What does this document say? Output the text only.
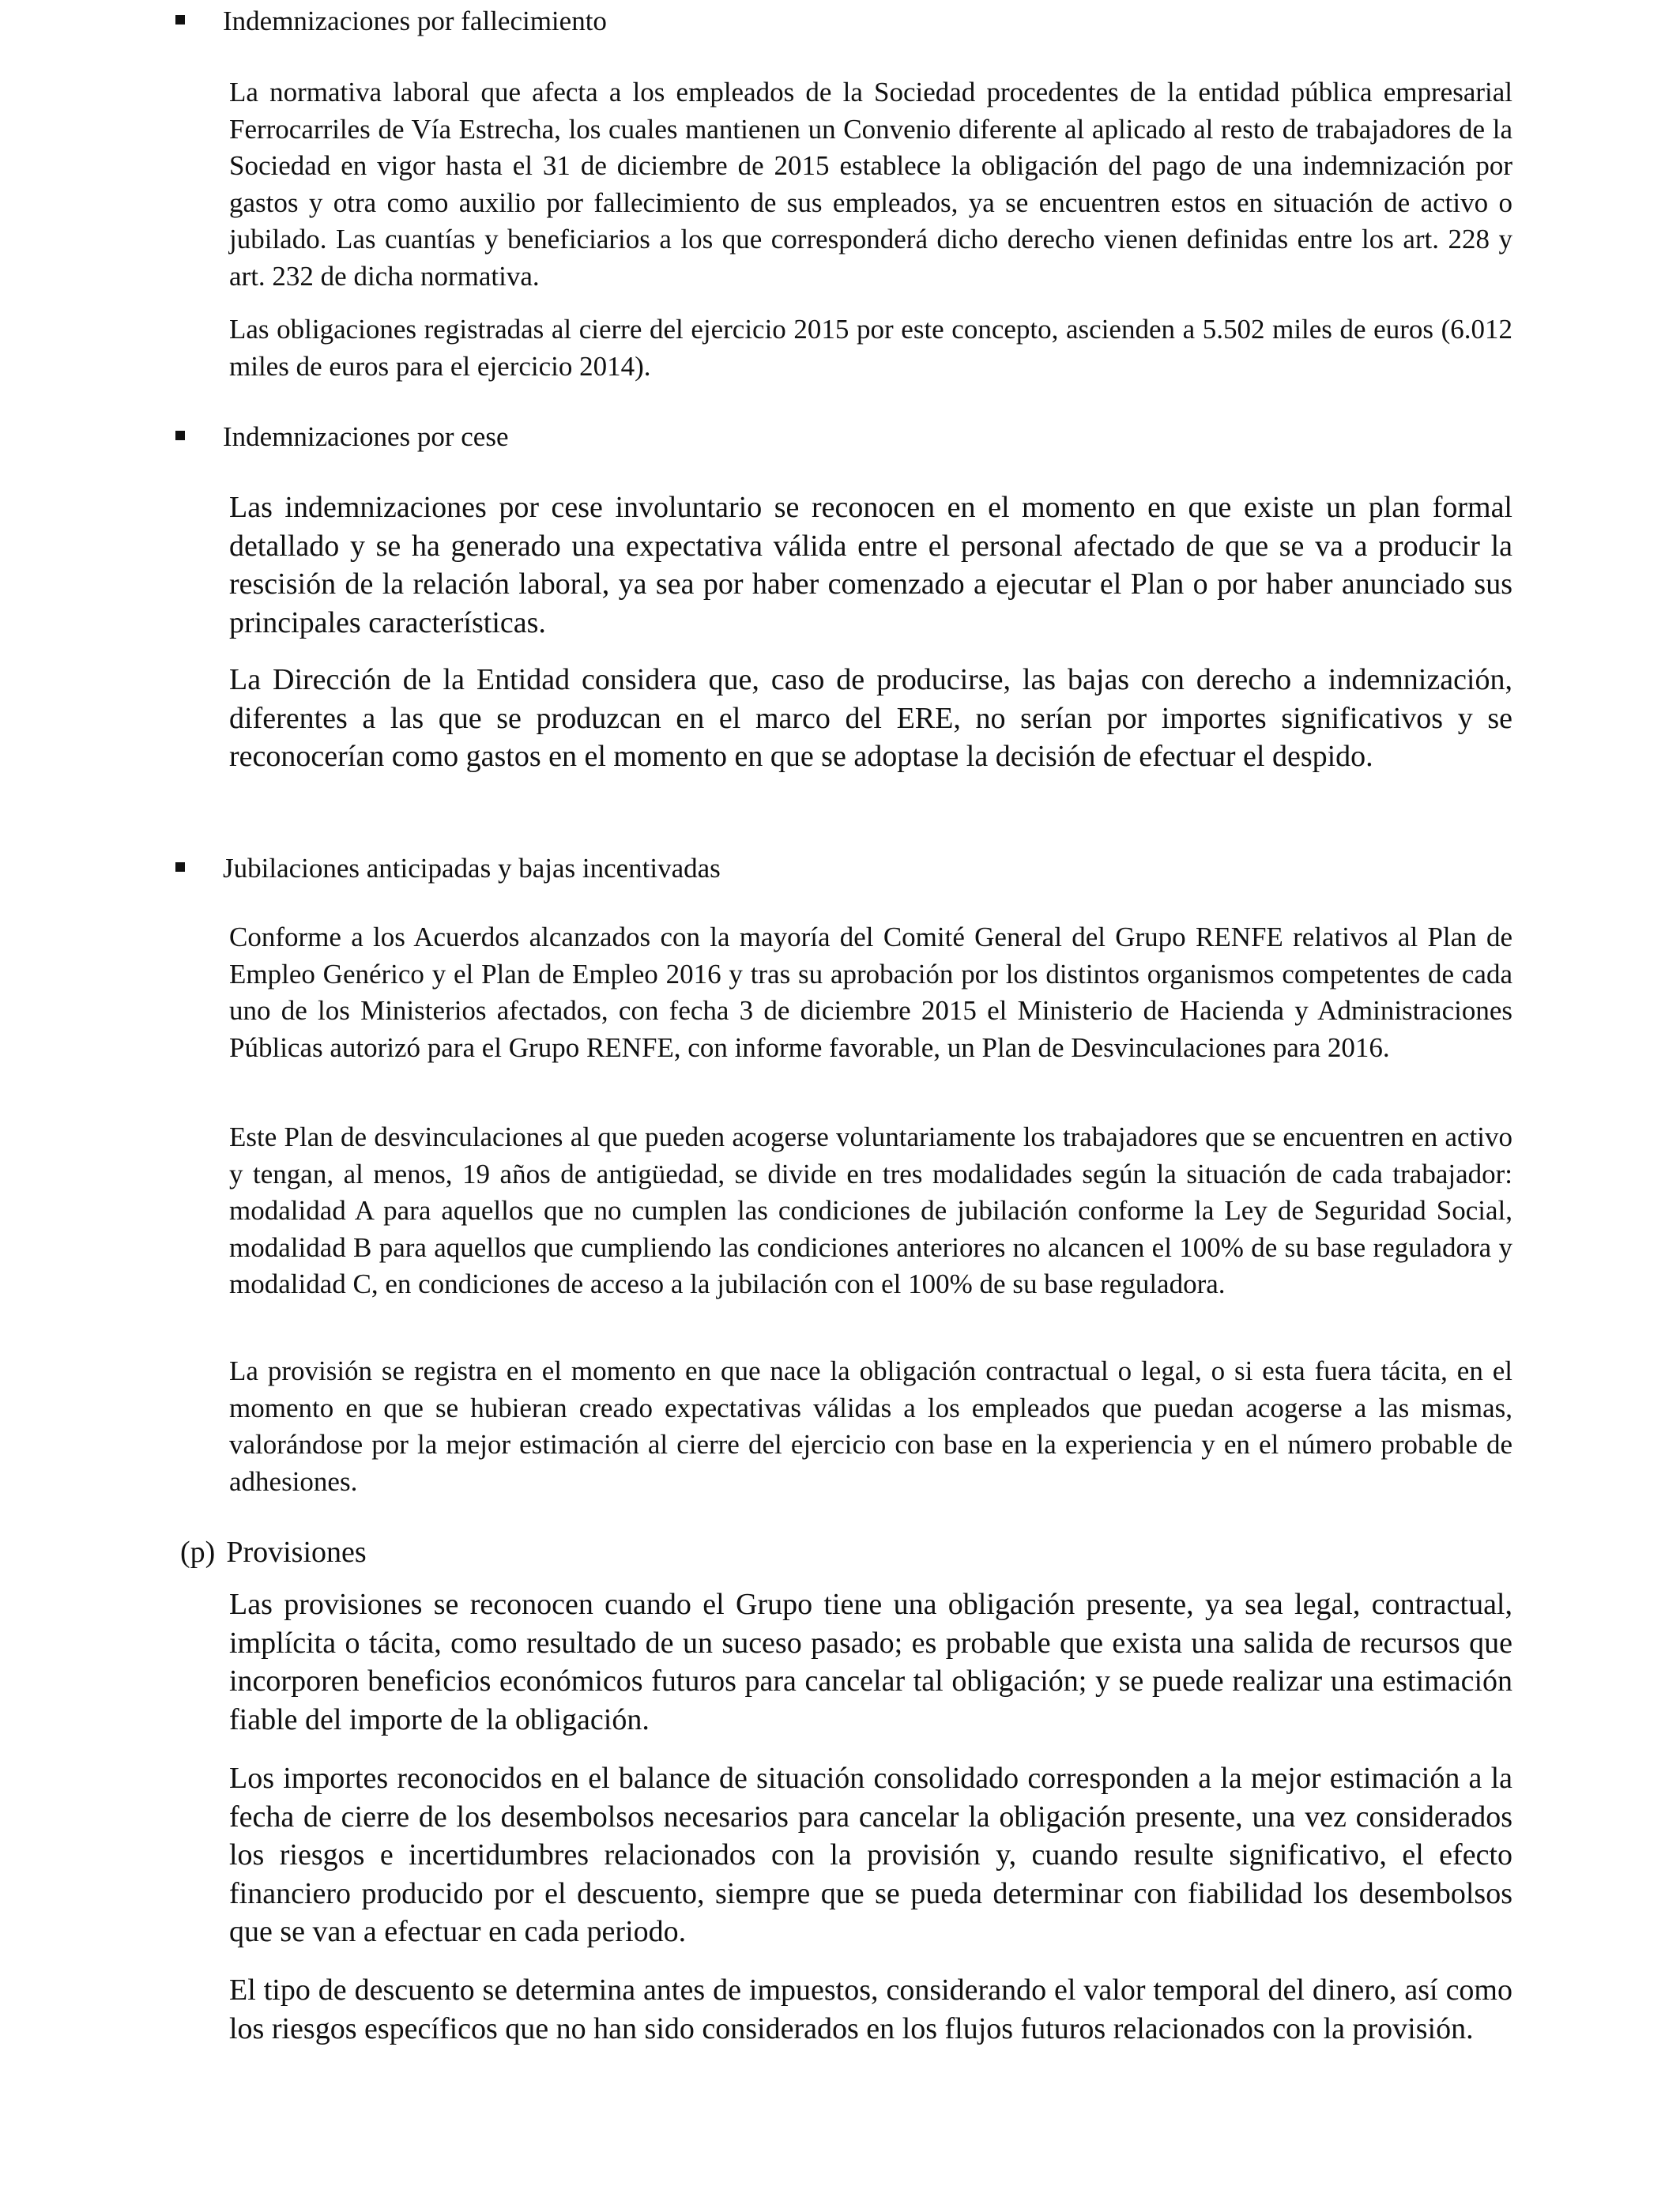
Indemnizaciones por fallecimiento

La normativa laboral que afecta a los empleados de la Sociedad procedentes de la entidad pública empresarial Ferrocarriles de Vía Estrecha, los cuales mantienen un Convenio diferente al aplicado al resto de trabajadores de la Sociedad en vigor hasta el 31 de diciembre de 2015 establece la obligación del pago de una indemnización por gastos y otra como auxilio por fallecimiento de sus empleados, ya se encuentren estos en situación de activo o jubilado. Las cuantías y beneficiarios a los que corresponderá dicho derecho vienen definidas entre los art. 228 y art. 232 de dicha normativa.

Las obligaciones registradas al cierre del ejercicio 2015 por este concepto, ascienden a 5.502 miles de euros (6.012 miles de euros para el ejercicio 2014).

Indemnizaciones por cese

Las indemnizaciones por cese involuntario se reconocen en el momento en que existe un plan formal detallado y se ha generado una expectativa válida entre el personal afectado de que se va a producir la rescisión de la relación laboral, ya sea por haber comenzado a ejecutar el Plan o por haber anunciado sus principales características.

La Dirección de la Entidad considera que, caso de producirse, las bajas con derecho a indemnización, diferentes a las que se produzcan en el marco del ERE, no serían por importes significativos y se reconocerían como gastos en el momento en que se adoptase la decisión de efectuar el despido.

Jubilaciones anticipadas y bajas incentivadas

Conforme a los Acuerdos alcanzados con la mayoría del Comité General del Grupo RENFE relativos al Plan de Empleo Genérico y el Plan de Empleo 2016 y tras su aprobación por los distintos organismos competentes de cada uno de los Ministerios afectados, con fecha 3 de diciembre 2015 el Ministerio de Hacienda y Administraciones Públicas autorizó para el Grupo RENFE, con informe favorable, un Plan de Desvinculaciones para 2016.

Este Plan de desvinculaciones al que pueden acogerse voluntariamente los trabajadores que se encuentren en activo y tengan, al menos, 19 años de antigüedad, se divide en tres modalidades según la situación de cada trabajador: modalidad A para aquellos que no cumplen las condiciones de jubilación conforme la Ley de Seguridad Social, modalidad B para aquellos que cumpliendo las condiciones anteriores no alcancen el 100% de su base reguladora y modalidad C, en condiciones de acceso a la jubilación con el 100% de su base reguladora.

La provisión se registra en el momento en que nace la obligación contractual o legal, o si esta fuera tácita, en el momento en que se hubieran creado expectativas válidas a los empleados que puedan acogerse a las mismas, valorándose por la mejor estimación al cierre del ejercicio con base en la experiencia y en el número probable de adhesiones.

(p) Provisiones

Las provisiones se reconocen cuando el Grupo tiene una obligación presente, ya sea legal, contractual, implícita o tácita, como resultado de un suceso pasado; es probable que exista una salida de recursos que incorporen beneficios económicos futuros para cancelar tal obligación; y se puede realizar una estimación fiable del importe de la obligación.

Los importes reconocidos en el balance de situación consolidado corresponden a la mejor estimación a la fecha de cierre de los desembolsos necesarios para cancelar la obligación presente, una vez considerados los riesgos e incertidumbres relacionados con la provisión y, cuando resulte significativo, el efecto financiero producido por el descuento, siempre que se pueda determinar con fiabilidad los desembolsos que se van a efectuar en cada periodo.

El tipo de descuento se determina antes de impuestos, considerando el valor temporal del dinero, así como los riesgos específicos que no han sido considerados en los flujos futuros relacionados con la provisión.
